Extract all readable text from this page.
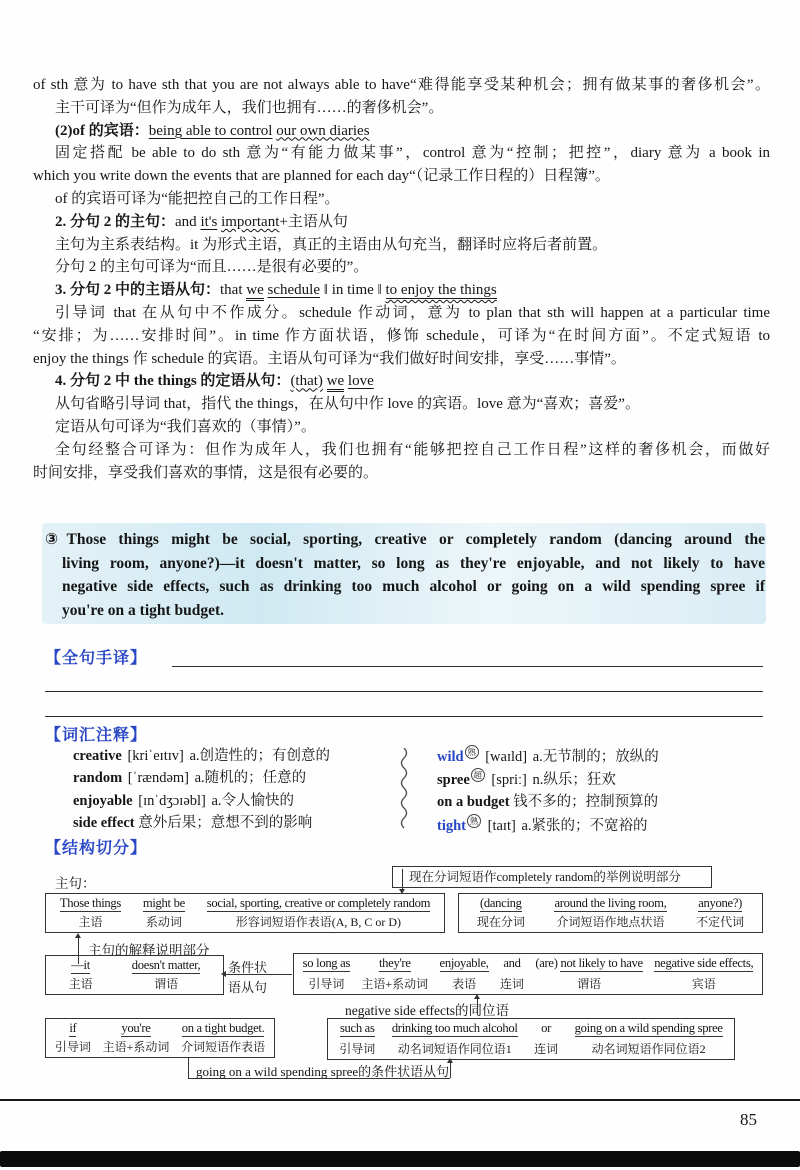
of sth 意为 to have sth that you are not always able to have“难得能享受某种机会；拥有做某事的奢侈机会”。
主干可译为“但作为成年人，我们也拥有……的奢侈机会”。
(2)of 的宾语：being able to control our own diaries
固定搭配 be able to do sth 意为“有能力做某事”，control 意为“控制；把控”，diary 意为 a book in
which you write down the events that are planned for each day“（记录工作日程的）日程簿”。
of 的宾语可译为“能把控自己的工作日程”。
2. 分句 2 的主句：and it's important+主语从句
主句为主系表结构。it 为形式主语，真正的主语由从句充当，翻译时应将后者前置。
分句 2 的主句可译为“而且……是很有必要的”。
3. 分句 2 中的主语从句：that we schedule ‖ in time ‖ to enjoy the things
引导词 that 在从句中不作成分。schedule 作动词，意为 to plan that sth will happen at a particular time
“安排；为……安排时间”。in time 作方面状语，修饰 schedule，可译为“在时间方面”。不定式短语 to
enjoy the things 作 schedule 的宾语。主语从句可译为“我们做好时间安排，享受……事情”。
4. 分句 2 中 the things 的定语从句：(that) we love
从句省略引导词 that，指代 the things，在从句中作 love 的宾语。love 意为“喜欢；喜爱”。
定语从句可译为“我们喜欢的（事情）”。
全句经整合可译为：但作为成年人，我们也拥有“能够把控自己工作日程”这样的奢侈机会，而做好
时间安排，享受我们喜欢的事情，这是很有必要的。
③Those things might be social, sporting, creative or completely random (dancing around the
living room, anyone?)—it doesn't matter, so long as they're enjoyable, and not likely to have
negative side effects, such as drinking too much alcohol or going on a wild spending spree if
you're on a tight budget.
【全句手译】
【词汇注释】
creative [kriˈeɪtɪv] a.创造性的；有创意的
random [ˈrændəm] a.随机的；任意的
enjoyable [ɪnˈdʒɔɪəbl] a.令人愉快的
side effect 意外后果；意想不到的影响
wild 熟 [waɪld] a.无节制的；放纵的
spree 超 [spriː] n.纵乐；狂欢
on a budget 钱不多的；控制预算的
tight 熟 [taɪt] a.紧张的；不宽裕的
【结构切分】
主句：	现在分词短语作completely random的举例说明部分
Those things
主语
might be
系动词
social, sporting, creative or completely random
形容词短语作表语(A, B, C or D)
(dancing
现在分词
around the living room,
介词短语作地点状语
anyone?)
不定代词
主句的解释说明部分
—it
主语
doesn't matter,
谓语
条件状
语从句
so long as
引导词
they're
主语+系动词
enjoyable,
表语
and
连词
(are) not likely to have
谓语
negative side effects,
宾语
negative side effects的同位语
if
引导词
you're
主语+系动词
on a tight budget.
介词短语作表语
such as
引导词
drinking too much alcohol
动名词短语作同位语1
or
连词
going on a wild spending spree
动名词短语作同位语2
going on a wild spending spree的条件状语从句
85
